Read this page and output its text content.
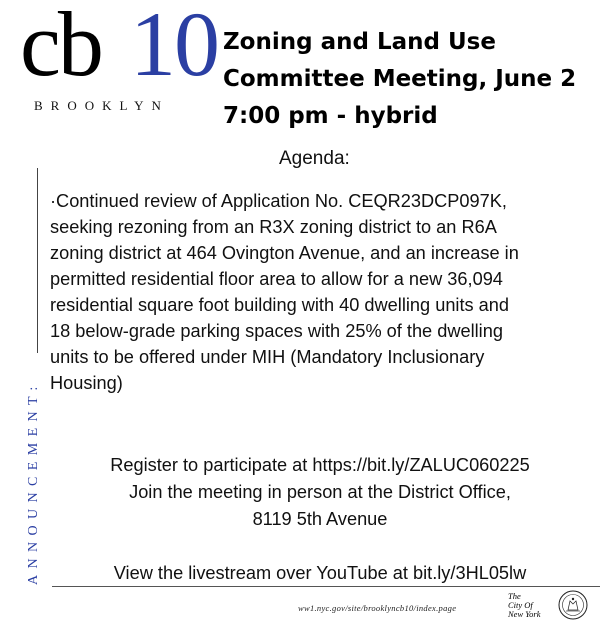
cb 10
BROOKLYN
Zoning and Land Use
Committee Meeting, June 2
7:00 pm - hybrid
Agenda:
·Continued review of Application No. CEQR23DCP097K,
seeking rezoning from an R3X zoning district to an R6A
zoning district at 464 Ovington Avenue, and an increase in
permitted residential floor area to allow for a new 36,094
residential square foot building with 40 dwelling units and
18 below-grade parking spaces with 25% of the dwelling
units to be offered under MIH (Mandatory Inclusionary
Housing)
Register to participate at https://bit.ly/ZALUC060225
Join the meeting in person at the District Office,
8119 5th Avenue
View the livestream over YouTube at bit.ly/3HL05lw
ANNOUNCEMENT:
ww1.nyc.gov/site/brooklyncb10/index.page
The
City Of
New York
